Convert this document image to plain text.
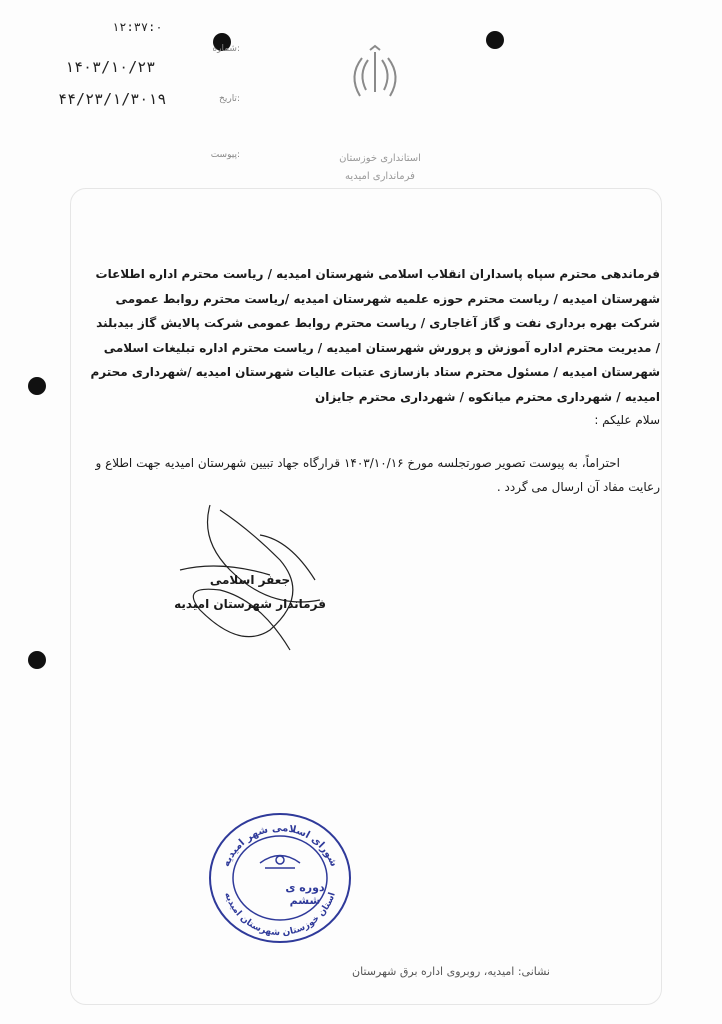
۱۲:۳۷:۰
شماره:
۱۴۰۳/۱۰/۲۳
۴۴/۲۳/۱/۳۰۱۹	تاریخ:
پیوست:	استانداری خوزستان
فرمانداری امیدیه

فرماندهی محترم سپاه پاسداران انقلاب اسلامی شهرستان امیدیه / ریاست محترم اداره اطلاعات شهرستان امیدیه / ریاست محترم حوزه علمیه شهرستان امیدیه /ریاست محترم روابط عمومی شرکت بهره برداری نفت و گاز آغاجاری / ریاست محترم روابط عمومی شرکت پالایش گاز بیدبلند / مدیریت محترم اداره آموزش و پرورش شهرستان امیدیه / ریاست محترم اداره تبلیغات اسلامی شهرستان امیدیه / مسئول محترم ستاد بازسازی عتبات عالیات شهرستان امیدیه /شهرداری محترم امیدیه / شهرداری محترم میانکوه / شهرداری محترم جایزان

سلام علیکم :

احتراماً، به پیوست تصویر صورتجلسه مورخ ۱۴۰۳/۱۰/۱۶ قرارگاه جهاد تبیین شهرستان امیدیه جهت اطلاع و رعایت مفاد آن ارسال می گردد .

جعفر اسلامی
فرماندار شهرستان امیدیه
شورای اسلامی شهر امیدیه
استان خوزستان شهرستان امیدیه
دوره ی ششم
نشانی: امیدیه، روبروی اداره برق شهرستان
